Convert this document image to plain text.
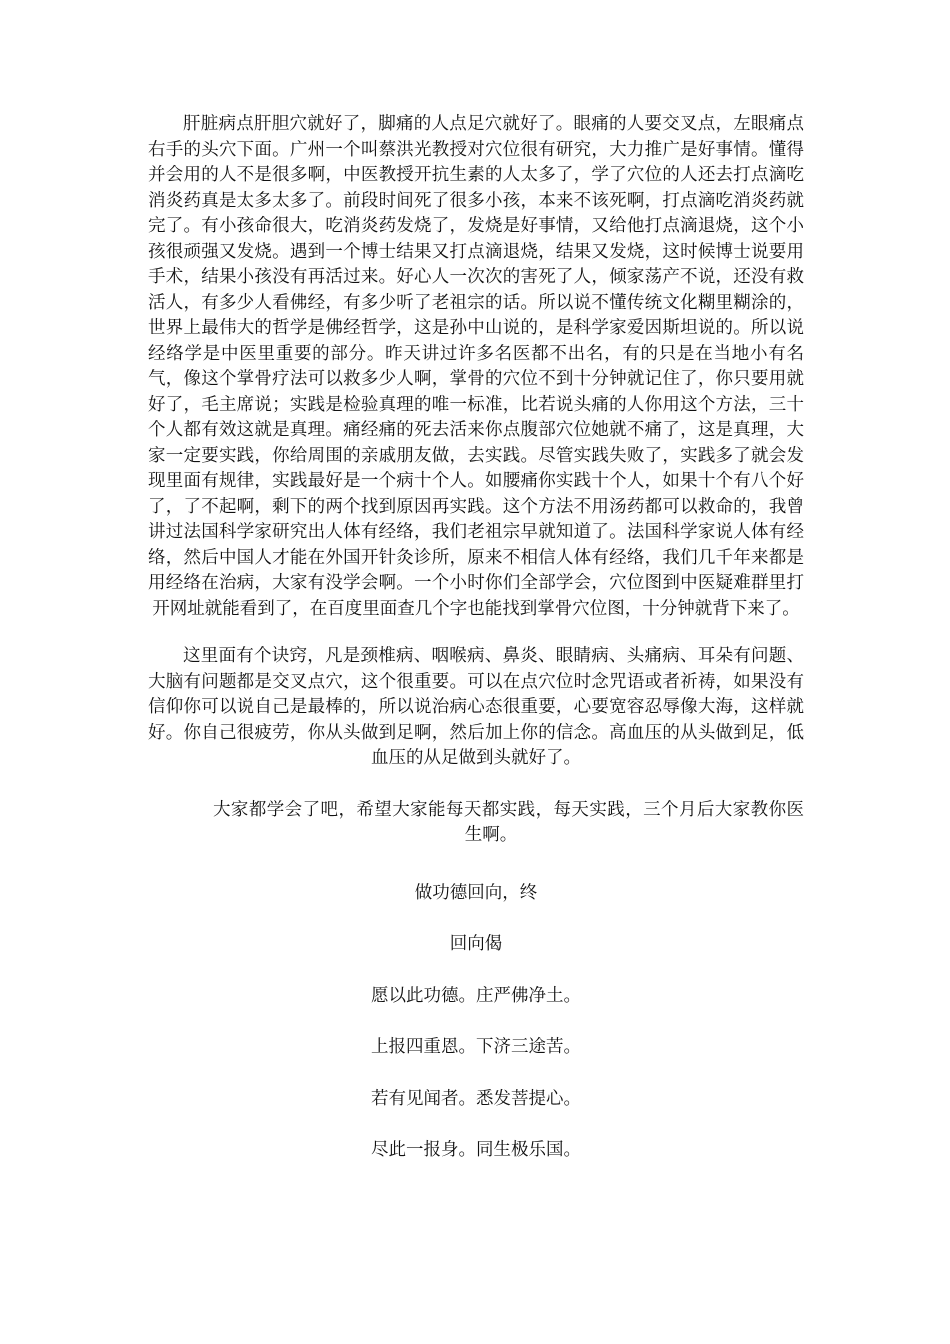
肝脏病点肝胆穴就好了，脚痛的人点足穴就好了。眼痛的人要交叉点，左眼痛点右手的头穴下面。广州一个叫蔡洪光教授对穴位很有研究，大力推广是好事情。懂得并会用的人不是很多啊，中医教授开抗生素的人太多了，学了穴位的人还去打点滴吃消炎药真是太多太多了。前段时间死了很多小孩，本来不该死啊，打点滴吃消炎药就完了。有小孩命很大，吃消炎药发烧了，发烧是好事情，又给他打点滴退烧，这个小孩很顽强又发烧。遇到一个博士结果又打点滴退烧，结果又发烧，这时候博士说要用手术，结果小孩没有再活过来。好心人一次次的害死了人，倾家荡产不说，还没有救活人，有多少人看佛经，有多少听了老祖宗的话。所以说不懂传统文化糊里糊涂的，世界上最伟大的哲学是佛经哲学，这是孙中山说的，是科学家爱因斯坦说的。所以说经络学是中医里重要的部分。昨天讲过许多名医都不出名，有的只是在当地小有名气，像这个掌骨疗法可以救多少人啊，掌骨的穴位不到十分钟就记住了，你只要用就好了，毛主席说；实践是检验真理的唯一标准，比若说头痛的人你用这个方法，三十个人都有效这就是真理。痛经痛的死去活来你点腹部穴位她就不痛了，这是真理，大家一定要实践，你给周围的亲戚朋友做，去实践。尽管实践失败了，实践多了就会发现里面有规律，实践最好是一个病十个人。如腰痛你实践十个人，如果十个有八个好了，了不起啊，剩下的两个找到原因再实践。这个方法不用汤药都可以救命的，我曾讲过法国科学家研究出人体有经络，我们老祖宗早就知道了。法国科学家说人体有经络，然后中国人才能在外国开针灸诊所，原来不相信人体有经络，我们几千年来都是用经络在治病，大家有没学会啊。一个小时你们全部学会，穴位图到中医疑难群里打开网址就能看到了，在百度里面查几个字也能找到掌骨穴位图，十分钟就背下来了。

这里面有个诀窍，凡是颈椎病、咽喉病、鼻炎、眼睛病、头痛病、耳朵有问题、大脑有问题都是交叉点穴，这个很重要。可以在点穴位时念咒语或者祈祷，如果没有信仰你可以说自己是最棒的，所以说治病心态很重要，心要宽容忍辱像大海，这样就好。你自己很疲劳，你从头做到足啊，然后加上你的信念。高血压的从头做到足，低血压的从足做到头就好了。

大家都学会了吧，希望大家能每天都实践，每天实践，三个月后大家教你医生啊。

做功德回向，终

回向偈

愿以此功德。庄严佛净土。

上报四重恩。下济三途苦。

若有见闻者。悉发菩提心。

尽此一报身。同生极乐国。
